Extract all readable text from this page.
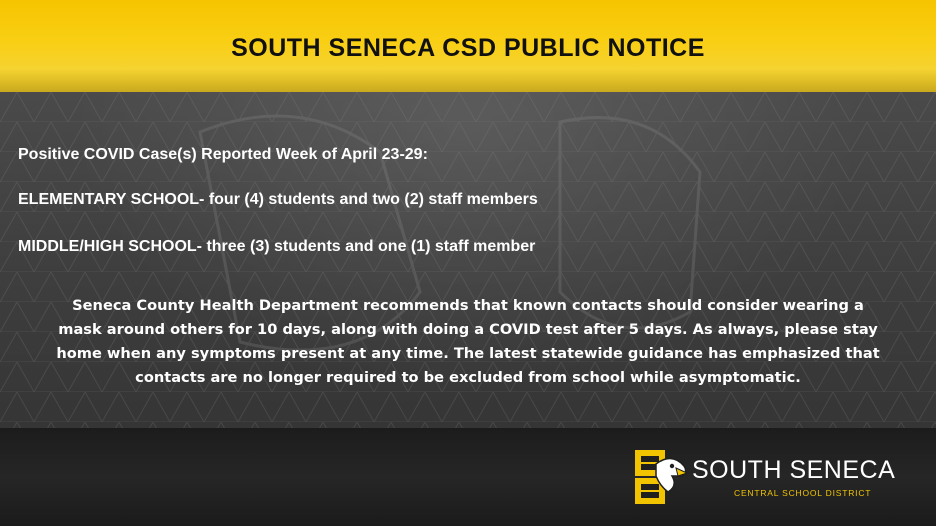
SOUTH SENECA CSD PUBLIC NOTICE
Positive COVID Case(s) Reported Week of April 23-29:
ELEMENTARY SCHOOL- four (4) students and two (2) staff members
MIDDLE/HIGH SCHOOL- three (3) students and one (1) staff member
Seneca County Health Department recommends that known contacts should consider wearing a
mask around others for 10 days, along with doing a COVID test after 5 days. As always, please stay
home when any symptoms present at any time. The latest statewide guidance has emphasized that
contacts are no longer required to be excluded from school while asymptomatic.
SOUTH SENECA
CENTRAL SCHOOL DISTRICT
